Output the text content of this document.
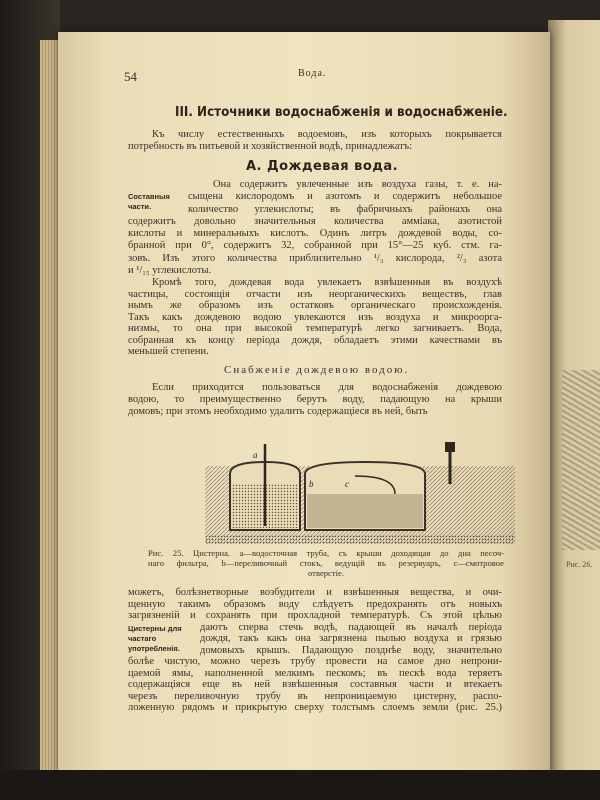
Рис. 26.
54	Вода.
III. Источники водоснабженія и водоснабженіе.
Къ числу естественныхъ водоемовъ, изъ которыхъ покрывается
потребность въ питьевой и хозяйственной водѣ, принадлежатъ:
А. Дождевая вода.
Составныя части.
Она содержитъ увлеченные изъ воздуха газы, т. е. на-
сыщена кислородомъ и азотомъ и содержитъ небольшое
количество углекислоты; въ фабричныхъ районахъ она
содержитъ довольно значительныя количества аммiака, азотистой
кислоты и минеральныхъ кислотъ. Одинъ литръ дождевой воды, со-
бранной при 0°, содержитъ 32, собранной при 15°—25 куб. стм. га-
зовъ. Изъ этого количества приблизительно ¹/₃ кислорода, ²/₃ азота
и ¹/₁₅ углекислоты.
Кромѣ того, дождевая вода увлекаетъ взвѣшенныя въ воздухѣ
частицы, состоящія отчасти изъ неорганическихъ веществъ, глав
нымъ же образомъ изъ остатковъ органическаго происхожденія.
Такъ какъ дождевою водою увлекаются изъ воздуха и микроорга-
низмы, то она при высокой температурѣ легко загниваетъ. Вода,
собранная къ концу періода дождя, обладаетъ этими качествами въ
меньшей степени.
Снабженіе дождевою водою.
Если приходится пользоваться для водоснабженія дождевою
водою, то преимущественно берутъ воду, падающую на крыши
домовъ; при этомъ необходимо удалить содержащіеся въ ней, быть
a
b	c
Рис. 25. Цистерна. a—водосточная труба, съ крыши доходящая до дна песоч-
наго фильтра, b—переливочный стокъ, ведущій въ резервуаръ, c—смотровое
отверстіе.
Цистерны для частаго употребленія.
можетъ, болѣзнетворные возбудители и взвѣшенныя вещества, и очи-
щенную такимъ образомъ воду слѣдуетъ предохранять отъ новыхъ
загрязненій и сохранять при прохладной температурѣ. Съ этой цѣлью
даютъ сперва стечь водѣ, падающей въ началѣ періода
дождя, такъ какъ она загрязнена пылью воздуха и грязью
домовыхъ крышъ. Падающую позднѣе воду, значительно
болѣе чистую, можно черезъ трубу провести на самое дно непрони-
цаемой ямы, наполненной мелкимъ пескомъ; въ пескѣ вода теряетъ
содержащіяся еще въ ней взвѣшенныя составныя части и втекаетъ
черезъ переливочную трубу въ непроницаемую цистерну, распо-
ложенную рядомъ и прикрытую сверху толстымъ слоемъ земли (рис. 25.)
